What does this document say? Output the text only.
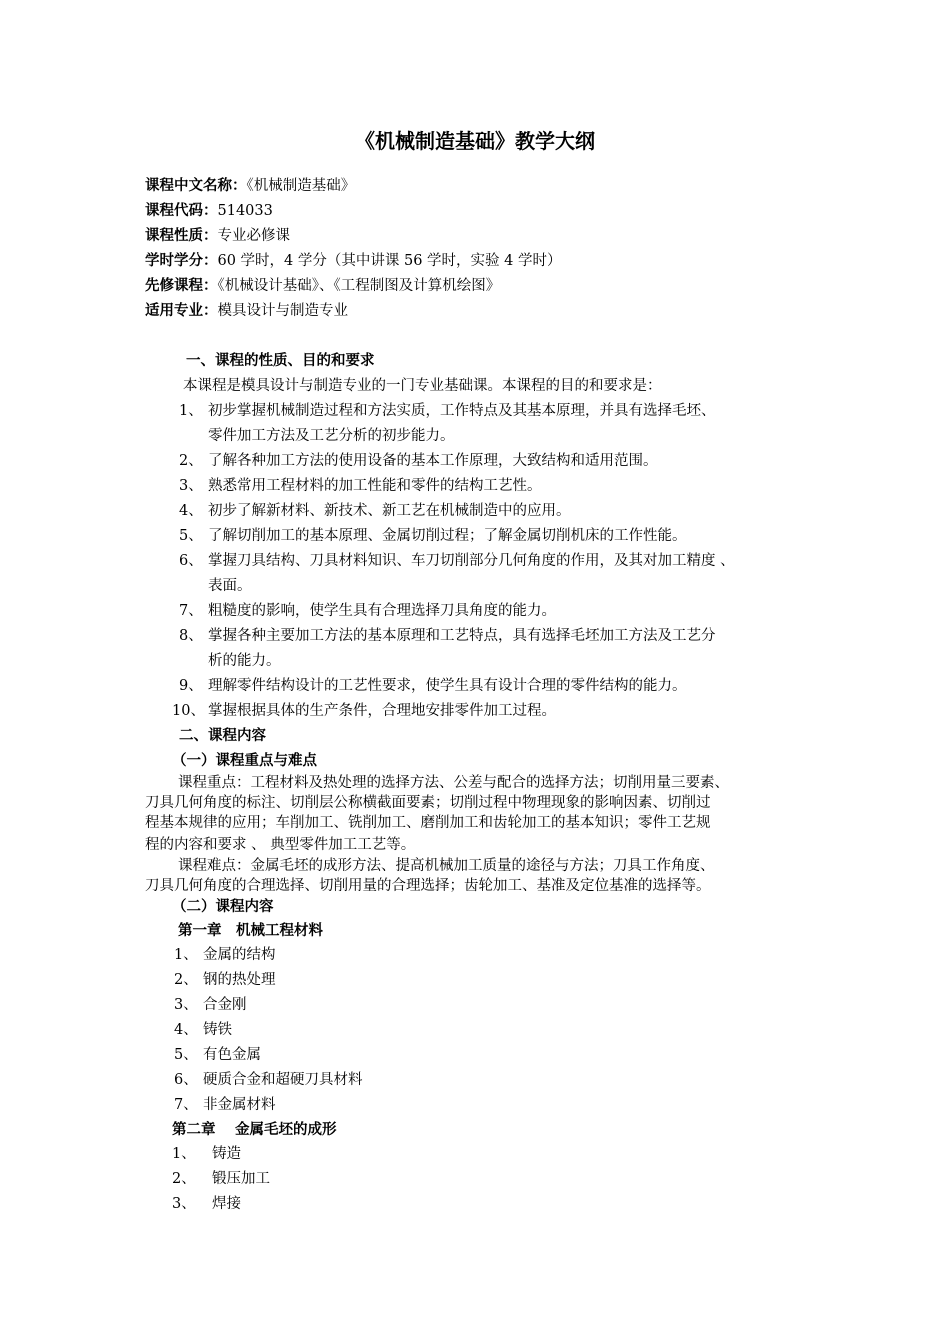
《机械制造基础》教学大纲
课程中文名称：《机械制造基础》
课程代码：514033
课程性质：专业必修课
学时学分：60 学时，4 学分（其中讲课 56 学时，实验 4 学时）
先修课程：《机械设计基础》、《工程制图及计算机绘图》
适用专业：模具设计与制造专业
一、课程的性质、目的和要求
本课程是模具设计与制造专业的一门专业基础课。本课程的目的和要求是：
1、 初步掌握机械制造过程和方法实质，工作特点及其基本原理，并具有选择毛坯、
零件加工方法及工艺分析的初步能力。
2、 了解各种加工方法的使用设备的基本工作原理，大致结构和适用范围。
3、 熟悉常用工程材料的加工性能和零件的结构工艺性。
4、 初步了解新材料、新技术、新工艺在机械制造中的应用。
5、 了解切削加工的基本原理、金属切削过程；了解金属切削机床的工作性能。
6、 掌握刀具结构、刀具材料知识、车刀切削部分几何角度的作用，及其对加工精度 、
表面。
7、 粗糙度的影响，使学生具有合理选择刀具角度的能力。
8、 掌握各种主要加工方法的基本原理和工艺特点，具有选择毛坯加工方法及工艺分
析的能力。
9、 理解零件结构设计的工艺性要求，使学生具有设计合理的零件结构的能力。
10、 掌握根据具体的生产条件，合理地安排零件加工过程。
二、课程内容
（一）课程重点与难点
课程重点：工程材料及热处理的选择方法、公差与配合的选择方法；切削用量三要素、
刀具几何角度的标注、切削层公称横截面要素；切削过程中物理现象的影响因素、切削过
程基本规律的应用；车削加工、铣削加工、磨削加工和齿轮加工的基本知识；零件工艺规
程的内容和要求 、 典型零件加工工艺等。
课程难点：金属毛坯的成形方法、提高机械加工质量的途径与方法；刀具工作角度、
刀具几何角度的合理选择、切削用量的合理选择；齿轮加工、基准及定位基准的选择等。
（二）课程内容
第一章　机械工程材料
1、 金属的结构
2、 钢的热处理
3、 合金刚
4、 铸铁
5、 有色金属
6、 硬质合金和超硬刀具材料
7、 非金属材料
第二章　 金属毛坯的成形
1、 铸造
2、 锻压加工
3、 焊接
